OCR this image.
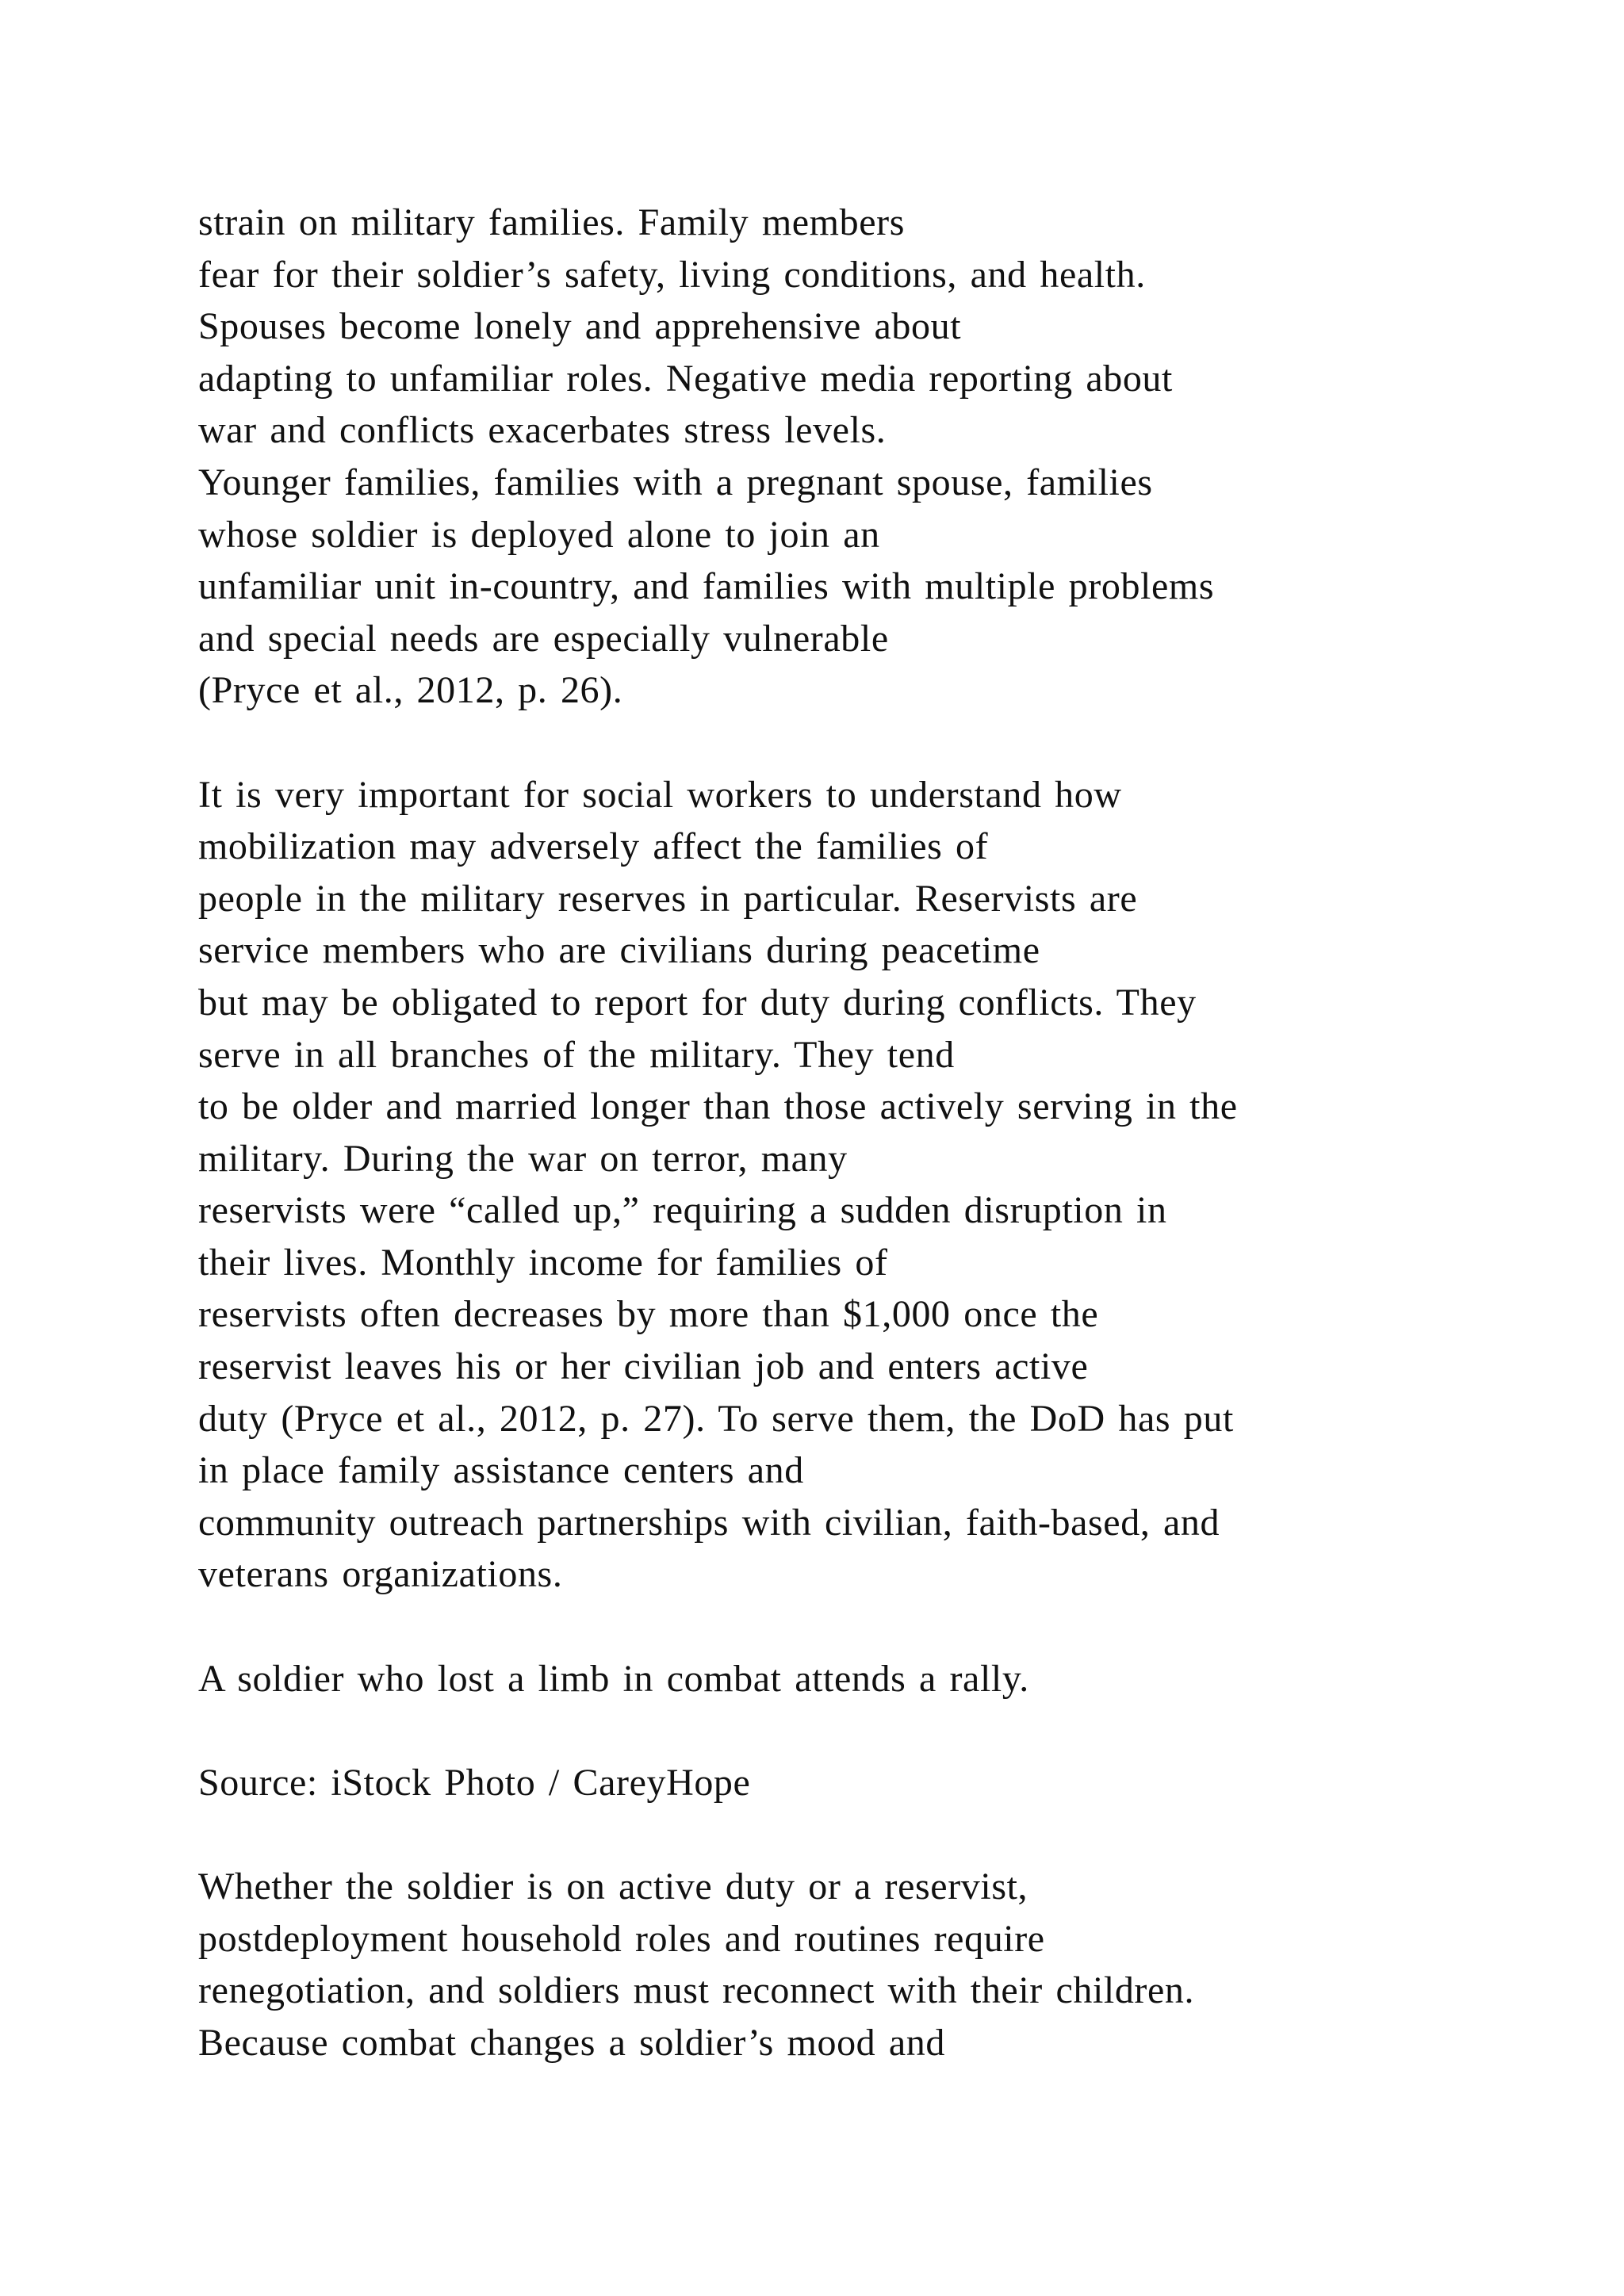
strain on military families. Family members
fear for their soldier’s safety, living conditions, and health.
Spouses become lonely and apprehensive about
adapting to unfamiliar roles. Negative media reporting about
war and conflicts exacerbates stress levels.
Younger families, families with a pregnant spouse, families
whose soldier is deployed alone to join an
unfamiliar unit in-country, and families with multiple problems
and special needs are especially vulnerable
(Pryce et al., 2012, p. 26).
It is very important for social workers to understand how
mobilization may adversely affect the families of
people in the military reserves in particular. Reservists are
service members who are civilians during peacetime
but may be obligated to report for duty during conflicts. They
serve in all branches of the military. They tend
to be older and married longer than those actively serving in the
military. During the war on terror, many
reservists were “called up,” requiring a sudden disruption in
their lives. Monthly income for families of
reservists often decreases by more than $1,000 once the
reservist leaves his or her civilian job and enters active
duty (Pryce et al., 2012, p. 27). To serve them, the DoD has put
in place family assistance centers and
community outreach partnerships with civilian, faith-based, and
veterans organizations.
A soldier who lost a limb in combat attends a rally.
Source: iStock Photo / CareyHope
Whether the soldier is on active duty or a reservist,
postdeployment household roles and routines require
renegotiation, and soldiers must reconnect with their children.
Because combat changes a soldier’s mood and
